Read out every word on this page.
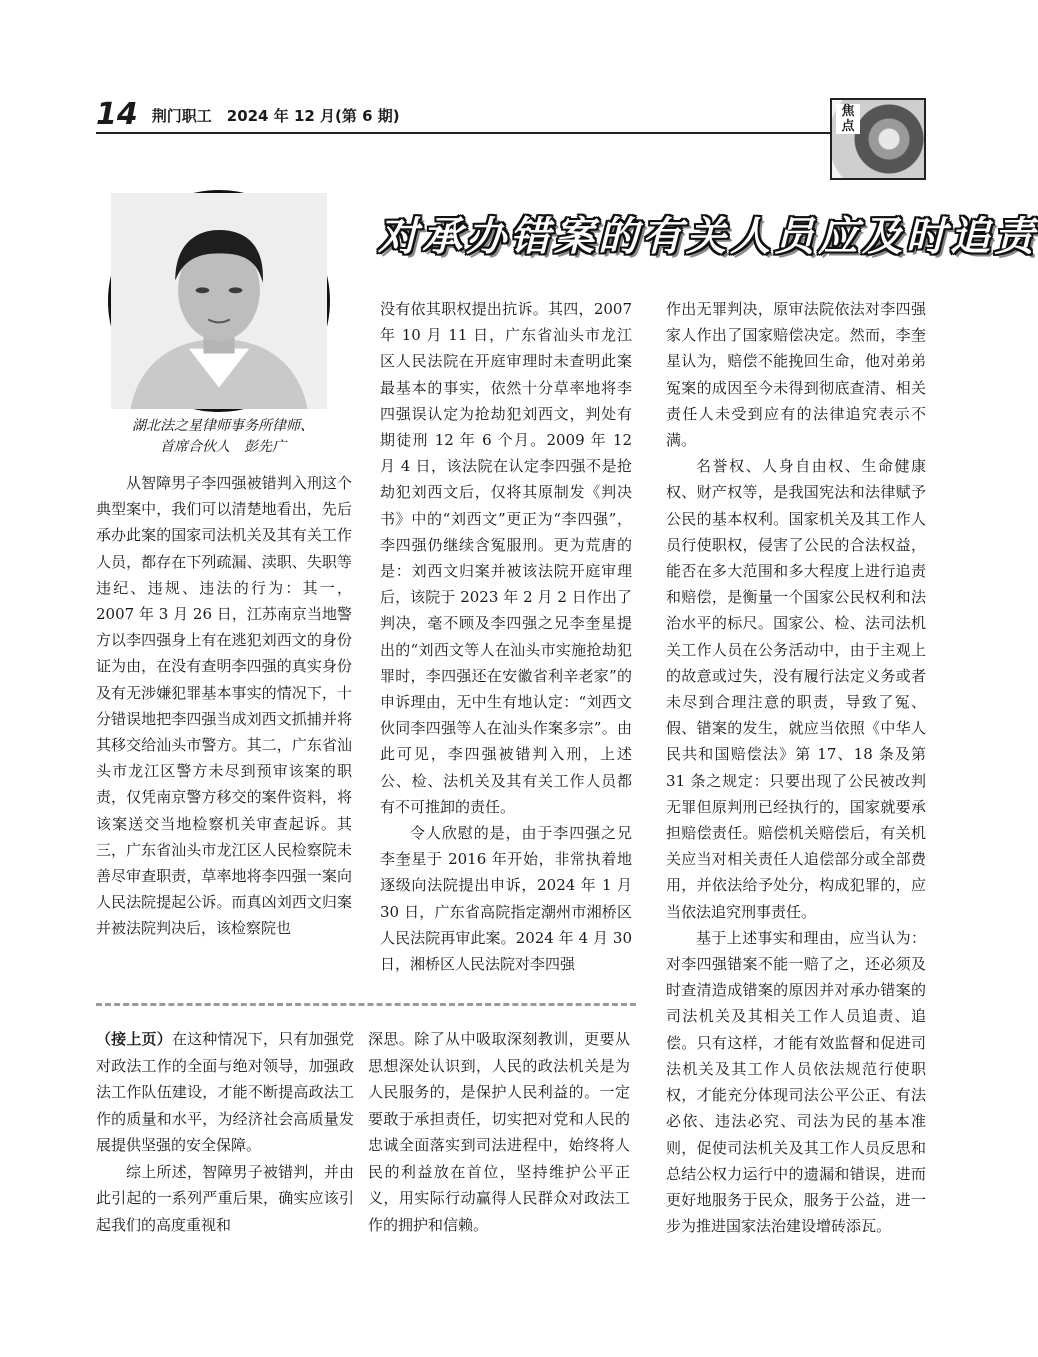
14 荆门职工　2024 年 12 月(第 6 期)	焦点
湖北法之星律师事务所律师、
首席合伙人　彭先广
对承办错案的有关人员应及时追责

从智障男子李四强被错判入刑这个典型案中，我们可以清楚地看出，先后承办此案的国家司法机关及其有关工作人员，都存在下列疏漏、渎职、失职等违纪、违规、违法的行为：其一，2007 年 3 月 26 日，江苏南京当地警方以李四强身上有在逃犯刘西文的身份证为由，在没有查明李四强的真实身份及有无涉嫌犯罪基本事实的情况下，十分错误地把李四强当成刘西文抓捕并将其移交给汕头市警方。其二，广东省汕头市龙江区警方未尽到预审该案的职责，仅凭南京警方移交的案件资料，将该案送交当地检察机关审查起诉。其三，广东省汕头市龙江区人民检察院未善尽审查职责，草率地将李四强一案向人民法院提起公诉。而真凶刘西文归案并被法院判决后，该检察院也

没有依其职权提出抗诉。其四，2007 年 10 月 11 日，广东省汕头市龙江区人民法院在开庭审理时未查明此案最基本的事实，依然十分草率地将李四强误认定为抢劫犯刘西文，判处有期徒刑 12 年 6 个月。2009 年 12 月 4 日，该法院在认定李四强不是抢劫犯刘西文后，仅将其原制发《判决书》中的“刘西文”更正为“李四强”，李四强仍继续含冤服刑。更为荒唐的是：刘西文归案并被该法院开庭审理后，该院于 2023 年 2 月 2 日作出了判决，毫不顾及李四强之兄李奎星提出的“刘西文等人在汕头市实施抢劫犯罪时，李四强还在安徽省利辛老家”的申诉理由，无中生有地认定：“刘西文伙同李四强等人在汕头作案多宗”。由此可见，李四强被错判入刑，上述公、检、法机关及其有关工作人员都有不可推卸的责任。

令人欣慰的是，由于李四强之兄李奎星于 2016 年开始，非常执着地逐级向法院提出申诉，2024 年 1 月 30 日，广东省高院指定潮州市湘桥区人民法院再审此案。2024 年 4 月 30 日，湘桥区人民法院对李四强

作出无罪判决，原审法院依法对李四强家人作出了国家赔偿决定。然而，李奎星认为，赔偿不能挽回生命，他对弟弟冤案的成因至今未得到彻底查清、相关责任人未受到应有的法律追究表示不满。

名誉权、人身自由权、生命健康权、财产权等，是我国宪法和法律赋予公民的基本权利。国家机关及其工作人员行使职权，侵害了公民的合法权益，能否在多大范围和多大程度上进行追责和赔偿，是衡量一个国家公民权利和法治水平的标尺。国家公、检、法司法机关工作人员在公务活动中，由于主观上的故意或过失，没有履行法定义务或者未尽到合理注意的职责，导致了冤、假、错案的发生，就应当依照《中华人民共和国赔偿法》第 17、18 条及第 31 条之规定：只要出现了公民被改判无罪但原判刑已经执行的，国家就要承担赔偿责任。赔偿机关赔偿后，有关机关应当对相关责任人追偿部分或全部费用，并依法给予处分，构成犯罪的，应当依法追究刑事责任。

基于上述事实和理由，应当认为：对李四强错案不能一赔了之，还必须及时查清造成错案的原因并对承办错案的司法机关及其相关工作人员追责、追偿。只有这样，才能有效监督和促进司法机关及其工作人员依法规范行使职权，才能充分体现司法公平公正、有法必依、违法必究、司法为民的基本准则，促使司法机关及其工作人员反思和总结公权力运行中的遗漏和错误，进而更好地服务于民众，服务于公益，进一步为推进国家法治建设增砖添瓦。

（接上页）在这种情况下，只有加强党对政法工作的全面与绝对领导，加强政法工作队伍建设，才能不断提高政法工作的质量和水平，为经济社会高质量发展提供坚强的安全保障。

综上所述，智障男子被错判，并由此引起的一系列严重后果，确实应该引起我们的高度重视和

深思。除了从中吸取深刻教训，更要从思想深处认识到，人民的政法机关是为人民服务的，是保护人民利益的。一定要敢于承担责任，切实把对党和人民的忠诚全面落实到司法进程中，始终将人民的利益放在首位，坚持维护公平正义，用实际行动赢得人民群众对政法工作的拥护和信赖。
